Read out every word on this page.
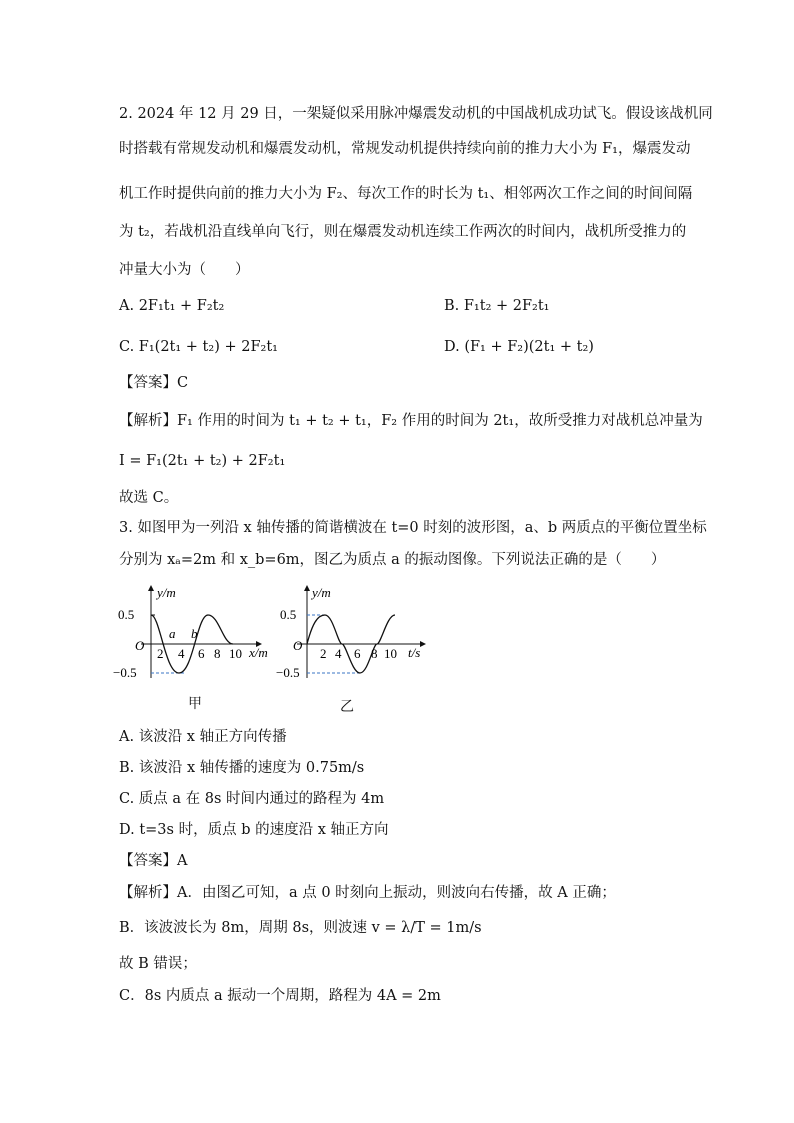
2. 2024 年 12 月 29 日，一架疑似采用脉冲爆震发动机的中国战机成功试飞。假设该战机同
时搭载有常规发动机和爆震发动机，常规发动机提供持续向前的推力大小为 F₁，爆震发动
机工作时提供向前的推力大小为 F₂、每次工作的时长为 t₁、相邻两次工作之间的时间间隔
为 t₂，若战机沿直线单向飞行，则在爆震发动机连续工作两次的时间内，战机所受推力的
冲量大小为（　　）
A. 2F₁t₁ + F₂t₂	B. F₁t₂ + 2F₂t₁
C. F₁(2t₁ + t₂) + 2F₂t₁	D. (F₁ + F₂)(2t₁ + t₂)
【答案】C
【解析】F₁ 作用的时间为 t₁ + t₂ + t₁，F₂ 作用的时间为 2t₁，故所受推力对战机总冲量为
I = F₁(2t₁ + t₂) + 2F₂t₁
故选 C。
3. 如图甲为一列沿 x 轴传播的简谐横波在 t=0 时刻的波形图，a、b 两质点的平衡位置坐标
分别为 xₐ=2m 和 x_b=6m，图乙为质点 a 的振动图像。下列说法正确的是（　　）
y/m
0.5
−0.5
O	x/m
2 4 6 8 10
a b
甲
y/m
0.5
−0.5
O	t/s
2 4 6 8 10
乙
A. 该波沿 x 轴正方向传播
B. 该波沿 x 轴传播的速度为 0.75m/s
C. 质点 a 在 8s 时间内通过的路程为 4m
D. t=3s 时，质点 b 的速度沿 x 轴正方向
【答案】A
【解析】A．由图乙可知，a 点 0 时刻向上振动，则波向右传播，故 A 正确；
B．该波波长为 8m，周期 8s，则波速 v = λ/T = 1m/s
故 B 错误；
C．8s 内质点 a 振动一个周期，路程为 4A = 2m
